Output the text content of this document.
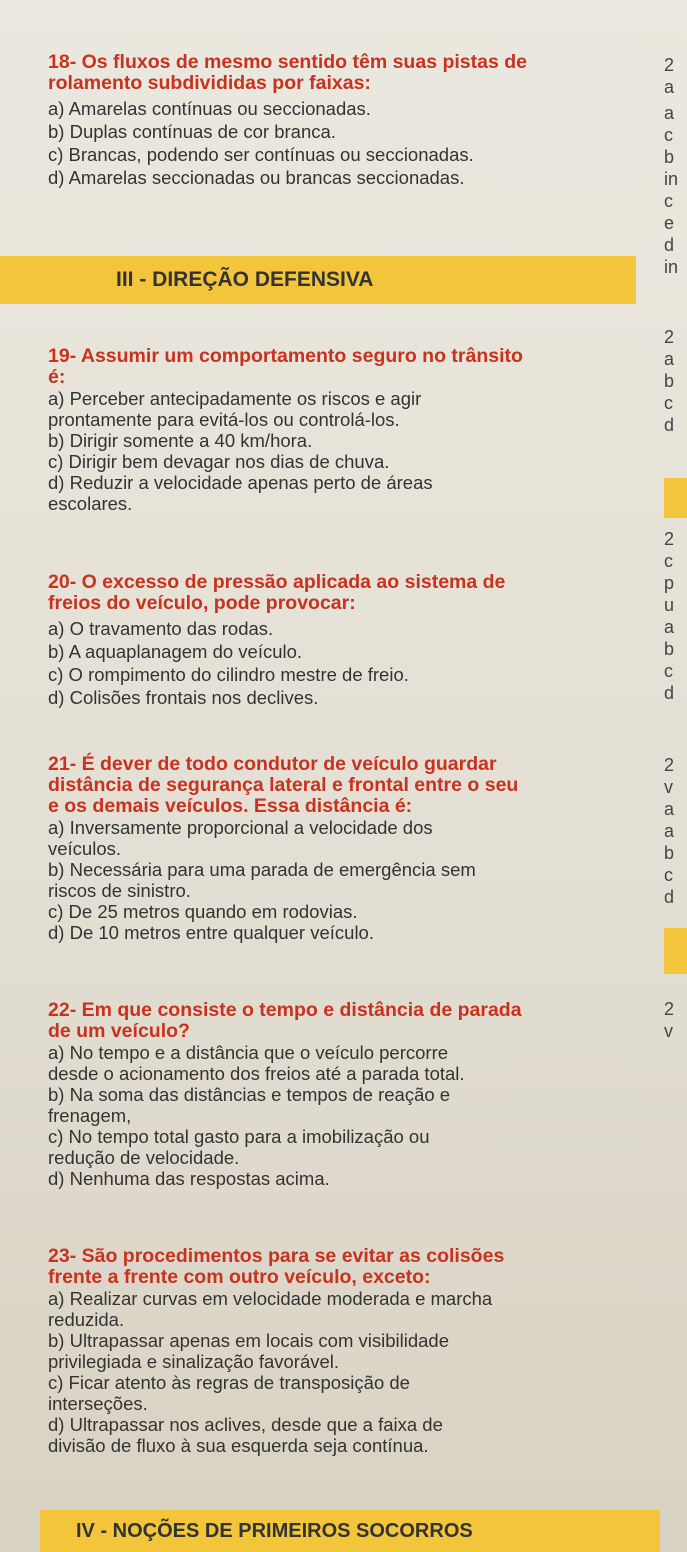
18- Os fluxos de mesmo sentido têm suas pistas de
rolamento subdivididas por faixas:
a) Amarelas contínuas ou seccionadas.
b) Duplas contínuas de cor branca.
c) Brancas, podendo ser contínuas ou seccionadas.
d) Amarelas seccionadas ou brancas seccionadas.
III - DIREÇÃO DEFENSIVA
19- Assumir um comportamento seguro no trânsito
é:
a) Perceber antecipadamente os riscos e agir
prontamente para evitá-los ou controlá-los.
b) Dirigir somente a 40 km/hora.
c) Dirigir bem devagar nos dias de chuva.
d) Reduzir a velocidade apenas perto de áreas
escolares.
20- O excesso de pressão aplicada ao sistema de
freios do veículo, pode provocar:
a) O travamento das rodas.
b) A aquaplanagem do veículo.
c) O rompimento do cilindro mestre de freio.
d) Colisões frontais nos declives.
21- É dever de todo condutor de veículo guardar
distância de segurança lateral e frontal entre o seu
e os demais veículos. Essa distância é:
a) Inversamente proporcional a velocidade dos
veículos.
b) Necessária para uma parada de emergência sem
riscos de sinistro.
c) De 25 metros quando em rodovias.
d) De 10 metros entre qualquer veículo.
22- Em que consiste o tempo e distância de parada
de um veículo?
a) No tempo e a distância que o veículo percorre
desde o acionamento dos freios até a parada total.
b) Na soma das distâncias e tempos de reação e
frenagem,
c) No tempo total gasto para a imobilização ou
redução de velocidade.
d) Nenhuma das respostas acima.
23- São procedimentos para se evitar as colisões
frente a frente com outro veículo, exceto:
a) Realizar curvas em velocidade moderada e marcha
reduzida.
b) Ultrapassar apenas em locais com visibilidade
privilegiada e sinalização favorável.
c) Ficar atento às regras de transposição de
interseções.
d) Ultrapassar nos aclives, desde que a faixa de
divisão de fluxo à sua esquerda seja contínua.
IV - NOÇÕES DE PRIMEIROS SOCORROS
2
a
a
c
b
in
c
e
d
in
2
a
b
c
d
2
c
p
u
a
b
c
d
2
v
a
a
b
c
d
2
v
